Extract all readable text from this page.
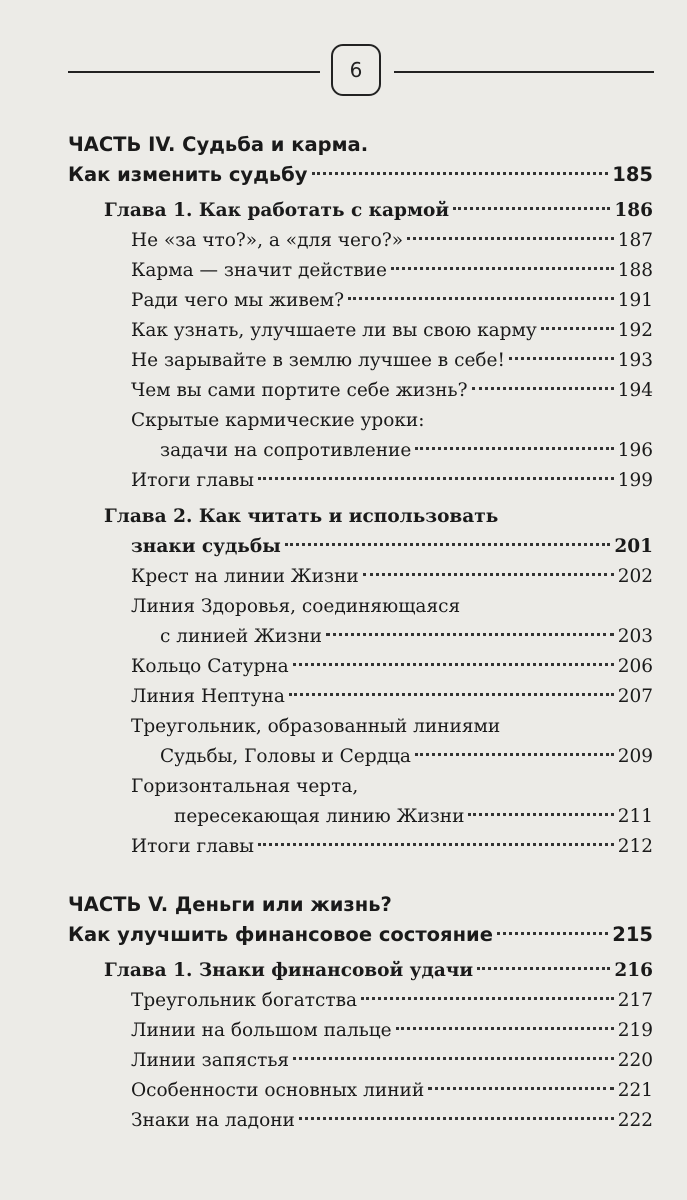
6
ЧАСТЬ IV. Судьба и карма.
Как изменить судьбу	185
Глава 1. Как работать с кармой	186
Не «за что?», а «для чего?»	187
Карма — значит действие	188
Ради чего мы живем?	191
Как узнать, улучшаете ли вы свою карму	192
Не зарывайте в землю лучшее в себе!	193
Чем вы сами портите себе жизнь?	194
Скрытые кармические уроки:
задачи на сопротивление	196
Итоги главы	199
Глава 2. Как читать и использовать
знаки судьбы	201
Крест на линии Жизни	202
Линия Здоровья, соединяющаяся
с линией Жизни	203
Кольцо Сатурна	206
Линия Нептуна	207
Треугольник, образованный линиями
Судьбы, Головы и Сердца	209
Горизонтальная черта,
пересекающая линию Жизни	211
Итоги главы	212
ЧАСТЬ V. Деньги или жизнь?
Как улучшить финансовое состояние	215
Глава 1. Знаки финансовой удачи	216
Треугольник богатства	217
Линии на большом пальце	219
Линии запястья	220
Особенности основных линий	221
Знаки на ладони	222
